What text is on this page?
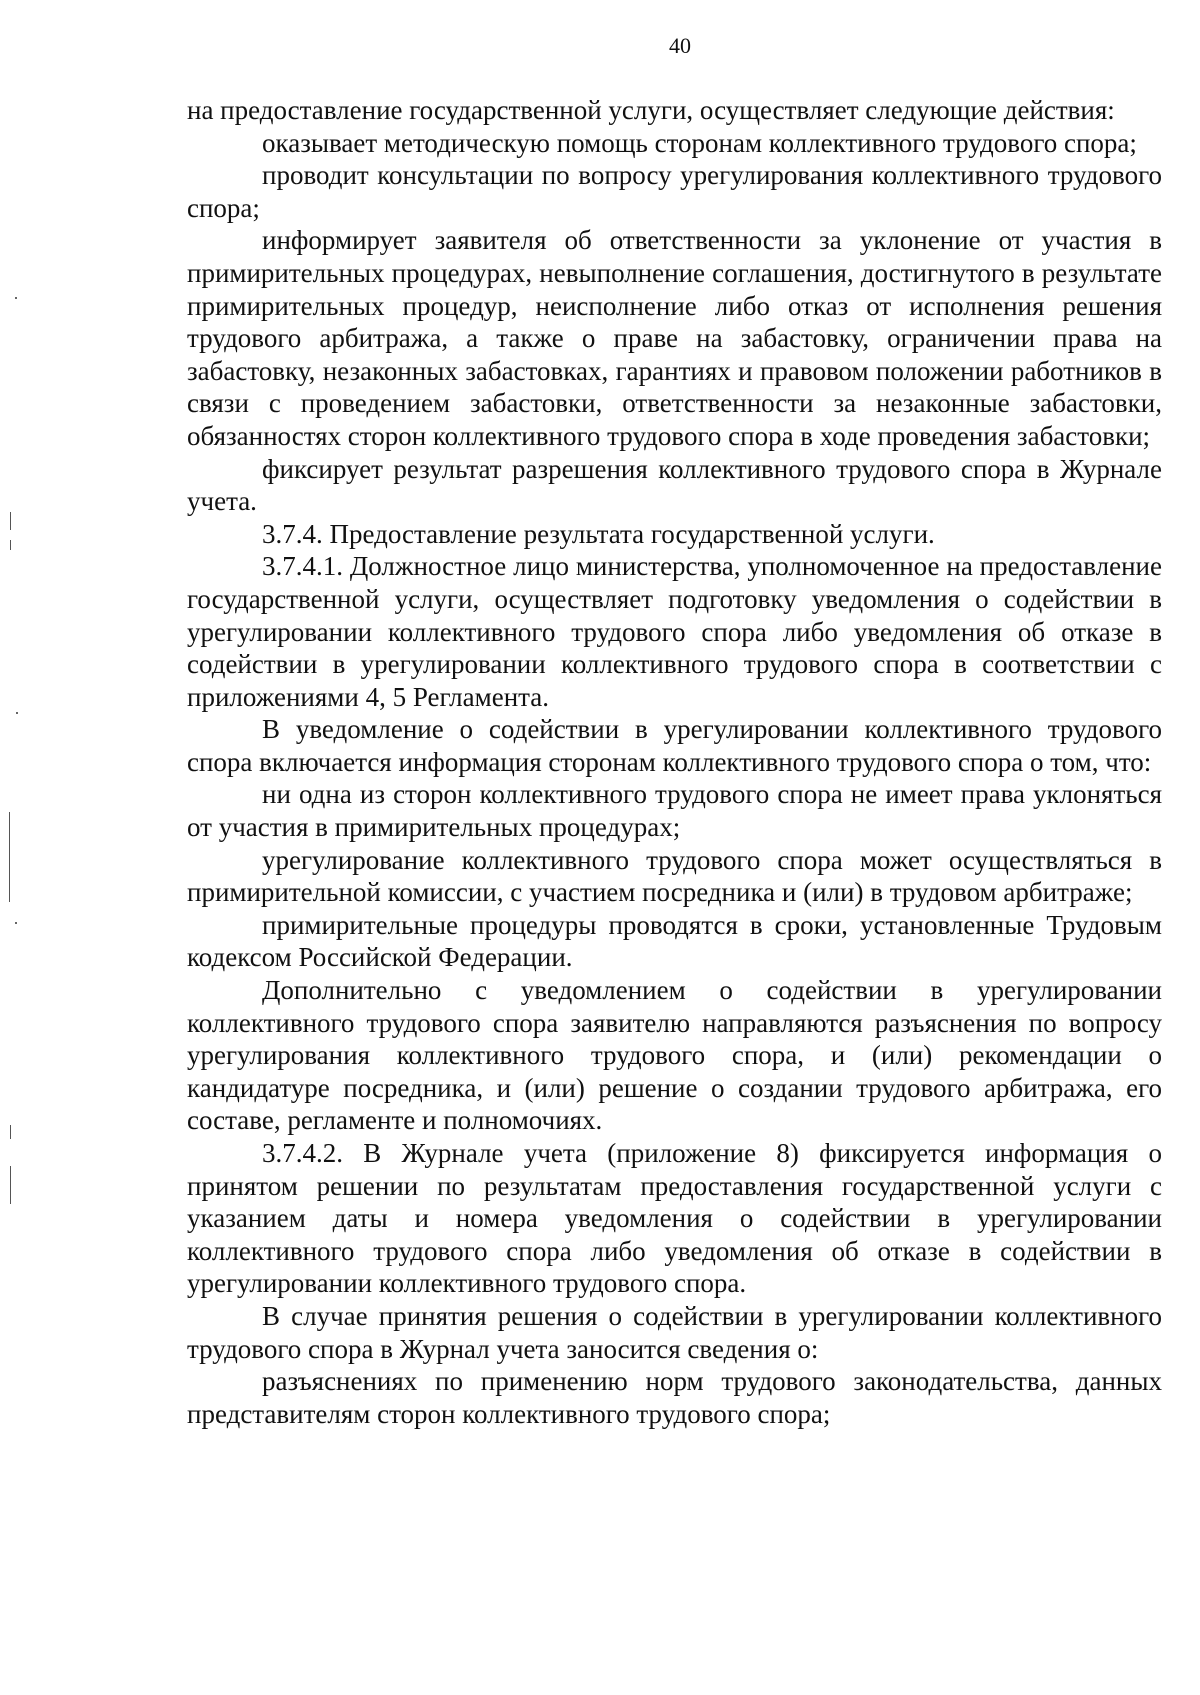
40

на предоставление государственной услуги, осуществляет следующие действия:

оказывает методическую помощь сторонам коллективного трудового спора;

проводит консультации по вопросу урегулирования коллективного трудового спора;

информирует заявителя об ответственности за уклонение от участия в примирительных процедурах, невыполнение соглашения, достигнутого в результате примирительных процедур, неисполнение либо отказ от исполнения решения трудового арбитража, а также о праве на забастовку, ограничении права на забастовку, незаконных забастовках, гарантиях и правовом положении работников в связи с проведением забастовки, ответственности за незаконные забастовки, обязанностях сторон коллективного трудового спора в ходе проведения забастовки;

фиксирует результат разрешения коллективного трудового спора в Журнале учета.

3.7.4. Предоставление результата государственной услуги.

3.7.4.1. Должностное лицо министерства, уполномоченное на предоставление государственной услуги, осуществляет подготовку уведомления о содействии в урегулировании коллективного трудового спора либо уведомления об отказе в содействии в урегулировании коллективного трудового спора в соответствии с приложениями 4, 5 Регламента.

В уведомление о содействии в урегулировании коллективного трудового спора включается информация сторонам коллективного трудового спора о том, что:

ни одна из сторон коллективного трудового спора не имеет права уклоняться от участия в примирительных процедурах;

урегулирование коллективного трудового спора может осуществляться в примирительной комиссии, с участием посредника и (или) в трудовом арбитраже;

примирительные процедуры проводятся в сроки, установленные Трудовым кодексом Российской Федерации.

Дополнительно с уведомлением о содействии в урегулировании коллективного трудового спора заявителю направляются разъяснения по вопросу урегулирования коллективного трудового спора, и (или) рекомендации о кандидатуре посредника, и (или) решение о создании трудового арбитража, его составе, регламенте и полномочиях.

3.7.4.2. В Журнале учета (приложение 8) фиксируется информация о принятом решении по результатам предоставления государственной услуги с указанием даты и номера уведомления о содействии в урегулировании коллективного трудового спора либо уведомления об отказе в содействии в урегулировании коллективного трудового спора.

В случае принятия решения о содействии в урегулировании коллективного трудового спора в Журнал учета заносится сведения о:

разъяснениях по применению норм трудового законодательства, данных представителям сторон коллективного трудового спора;
